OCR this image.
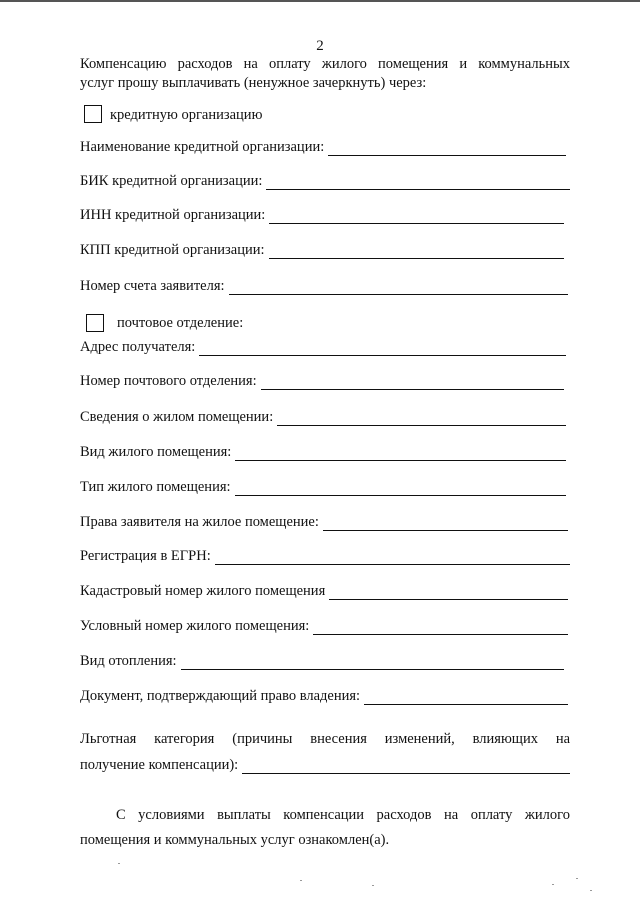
2
Компенсацию расходов на оплату жилого помещения и коммунальных
услуг прошу выплачивать (ненужное зачеркнуть) через:
кредитную организацию
Наименование кредитной организации:
БИК кредитной организации:
ИНН кредитной организации:
КПП кредитной организации:
Номер счета заявителя:
почтовое отделение:
Адрес получателя:
Номер почтового отделения:
Сведения о жилом помещении:
Вид жилого помещения:
Тип жилого помещения:
Права заявителя на жилое помещение:
Регистрация в ЕГРН:
Кадастровый номер жилого помещения
Условный номер жилого помещения:
Вид отопления:
Документ, подтверждающий право владения:
Льготная категория (причины внесения изменений, влияющих на
получение компенсации):
С условиями выплаты компенсации расходов на оплату жилого
помещения и коммунальных услуг ознакомлен(а).
